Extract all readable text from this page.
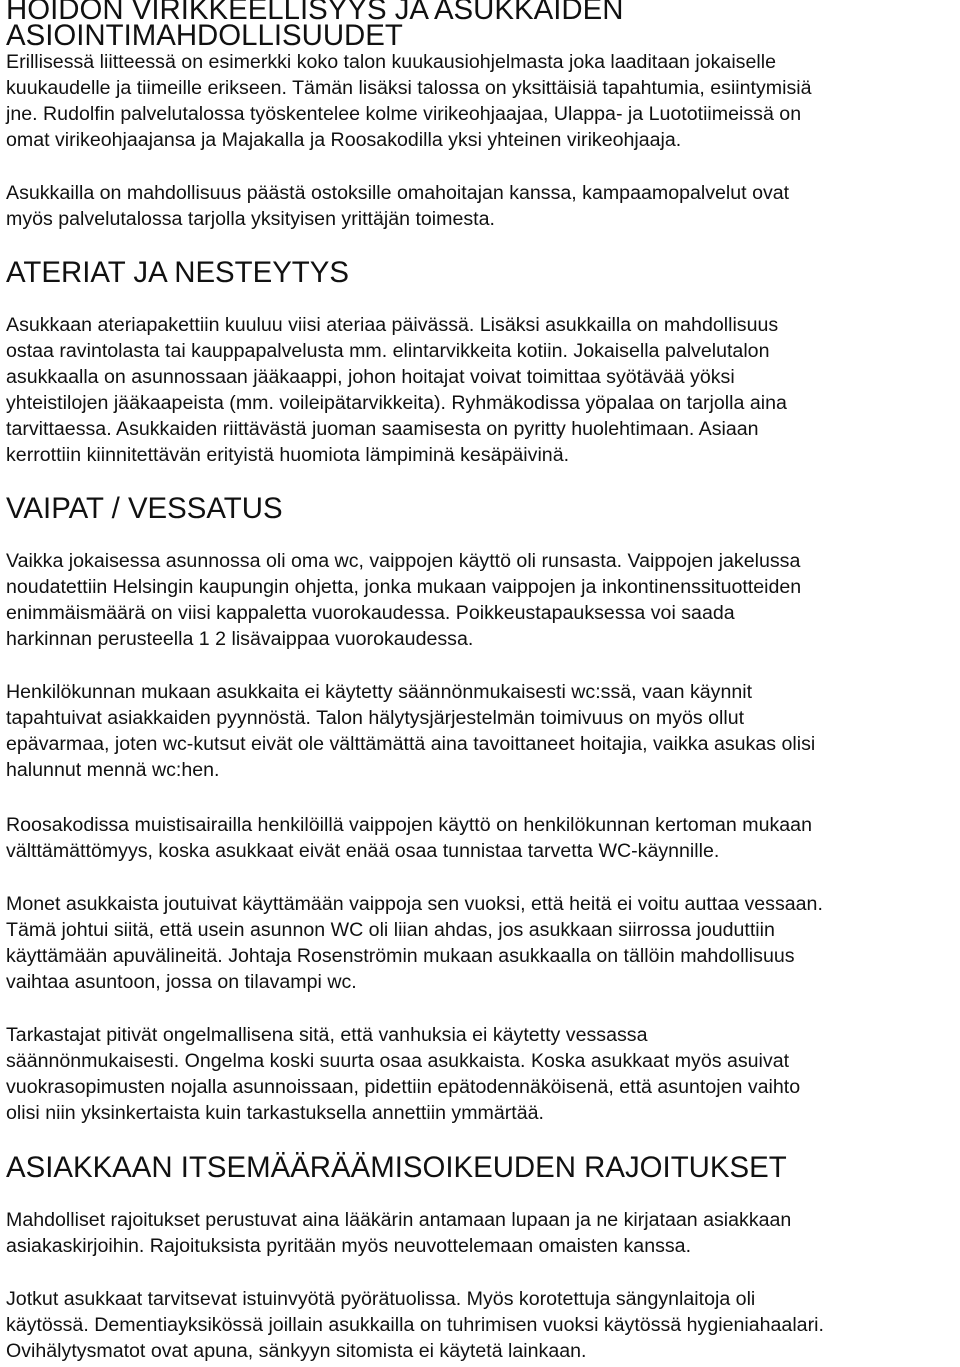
HOIDON VIRIKKEELLISYYS JA ASUKKAIDEN ASIOINTIMAHDOLLISUUDET

Erillisessä liitteessä on esimerkki koko talon kuukausiohjelmasta joka laaditaan jokaiselle
kuukaudelle ja tiimeille erikseen. Tämän lisäksi talossa on yksittäisiä tapahtumia, esiintymisiä
jne. Rudolfin palvelutalossa työskentelee kolme virikeohjaajaa, Ulappa- ja Luototiimeissä on
omat virikeohjaajansa ja Majakalla ja Roosakodilla yksi yhteinen virikeohjaaja.

Asukkailla on mahdollisuus päästä ostoksille omahoitajan kanssa, kampaamopalvelut ovat
myös palvelutalossa tarjolla yksityisen yrittäjän toimesta.

ATERIAT JA NESTEYTYS

Asukkaan ateriapakettiin kuuluu viisi ateriaa päivässä. Lisäksi asukkailla on mahdollisuus
ostaa ravintolasta tai kauppapalvelusta mm. elintarvikkeita kotiin. Jokaisella palvelutalon
asukkaalla on asunnossaan jääkaappi, johon hoitajat voivat toimittaa syötävää yöksi
yhteistilojen jääkaapeista (mm. voileipätarvikkeita). Ryhmäkodissa yöpalaa on tarjolla aina
tarvittaessa. Asukkaiden riittävästä juoman saamisesta on pyritty huolehtimaan. Asiaan
kerrottiin kiinnitettävän erityistä huomiota lämpiminä kesäpäivinä.

VAIPAT / VESSATUS

Vaikka jokaisessa asunnossa oli oma wc, vaippojen käyttö oli runsasta. Vaippojen jakelussa
noudatettiin Helsingin kaupungin ohjetta, jonka mukaan vaippojen ja inkontinenssituotteiden
enimmäismäärä on viisi kappaletta vuorokaudessa. Poikkeustapauksessa voi saada
harkinnan perusteella 1 2 lisävaippaa vuorokaudessa.

Henkilökunnan mukaan asukkaita ei käytetty säännönmukaisesti wc:ssä, vaan käynnit
tapahtuivat asiakkaiden pyynnöstä. Talon hälytysjärjestelmän toimivuus on myös ollut
epävarmaa, joten wc-kutsut eivät ole välttämättä aina tavoittaneet hoitajia, vaikka asukas olisi
halunnut mennä wc:hen.

Roosakodissa muistisairailla henkilöillä vaippojen käyttö on henkilökunnan kertoman mukaan
välttämättömyys, koska asukkaat eivät enää osaa tunnistaa tarvetta WC-käynnille.

Monet asukkaista joutuivat käyttämään vaippoja sen vuoksi, että heitä ei voitu auttaa vessaan.
Tämä johtui siitä, että usein asunnon WC oli liian ahdas, jos asukkaan siirrossa jouduttiin
käyttämään apuvälineitä. Johtaja Rosenströmin mukaan asukkaalla on tällöin mahdollisuus
vaihtaa asuntoon, jossa on tilavampi wc.

Tarkastajat pitivät ongelmallisena sitä, että vanhuksia ei käytetty vessassa
säännönmukaisesti. Ongelma koski suurta osaa asukkaista. Koska asukkaat myös asuivat
vuokrasopimusten nojalla asunnoissaan, pidettiin epätodennäköisenä, että asuntojen vaihto
olisi niin yksinkertaista kuin tarkastuksella annettiin ymmärtää.

ASIAKKAAN ITSEMÄÄRÄÄMISOIKEUDEN RAJOITUKSET

Mahdolliset rajoitukset perustuvat aina lääkärin antamaan lupaan ja ne kirjataan asiakkaan
asiakaskirjoihin. Rajoituksista pyritään myös neuvottelemaan omaisten kanssa.

Jotkut asukkaat tarvitsevat istuinvyötä pyörätuolissa. Myös korotettuja sängynlaitoja oli
käytössä. Dementiayksikössä joillain asukkailla on tuhrimisen vuoksi käytössä hygieniahaalari.
Ovihälytysmatot ovat apuna, sänkyyn sitomista ei käytetä lainkaan.
